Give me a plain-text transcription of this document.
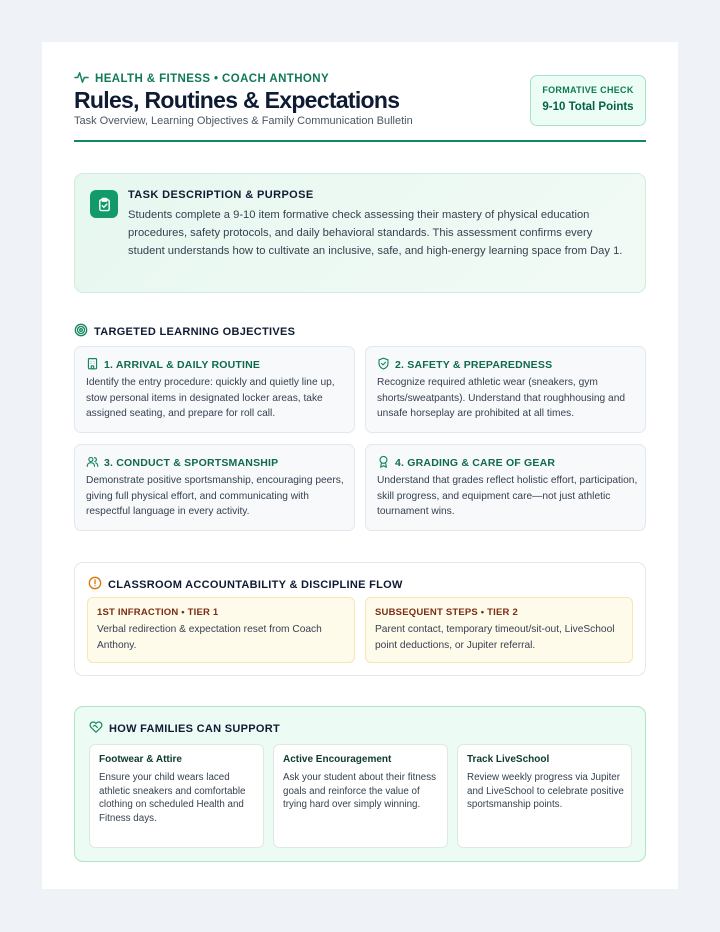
HEALTH & FITNESS • COACH ANTHONY
Rules, Routines & Expectations
Task Overview, Learning Objectives & Family Communication Bulletin
FORMATIVE CHECK
9-10 Total Points
TASK DESCRIPTION & PURPOSE
Students complete a 9-10 item formative check assessing their mastery of physical education procedures, safety protocols, and daily behavioral standards. This assessment confirms every student understands how to cultivate an inclusive, safe, and high-energy learning space from Day 1.
TARGETED LEARNING OBJECTIVES
1. ARRIVAL & DAILY ROUTINE
Identify the entry procedure: quickly and quietly line up, stow personal items in designated locker areas, take assigned seating, and prepare for roll call.
2. SAFETY & PREPAREDNESS
Recognize required athletic wear (sneakers, gym shorts/sweatpants). Understand that roughhousing and unsafe horseplay are prohibited at all times.
3. CONDUCT & SPORTSMANSHIP
Demonstrate positive sportsmanship, encouraging peers, giving full physical effort, and communicating with respectful language in every activity.
4. GRADING & CARE OF GEAR
Understand that grades reflect holistic effort, participation, skill progress, and equipment care—not just athletic tournament wins.
CLASSROOM ACCOUNTABILITY & DISCIPLINE FLOW
1ST INFRACTION • TIER 1
Verbal redirection & expectation reset from Coach Anthony.
SUBSEQUENT STEPS • TIER 2
Parent contact, temporary timeout/sit-out, LiveSchool point deductions, or Jupiter referral.
HOW FAMILIES CAN SUPPORT
Footwear & Attire
Ensure your child wears laced athletic sneakers and comfortable clothing on scheduled Health and Fitness days.
Active Encouragement
Ask your student about their fitness goals and reinforce the value of trying hard over simply winning.
Track LiveSchool
Review weekly progress via Jupiter and LiveSchool to celebrate positive sportsmanship points.
